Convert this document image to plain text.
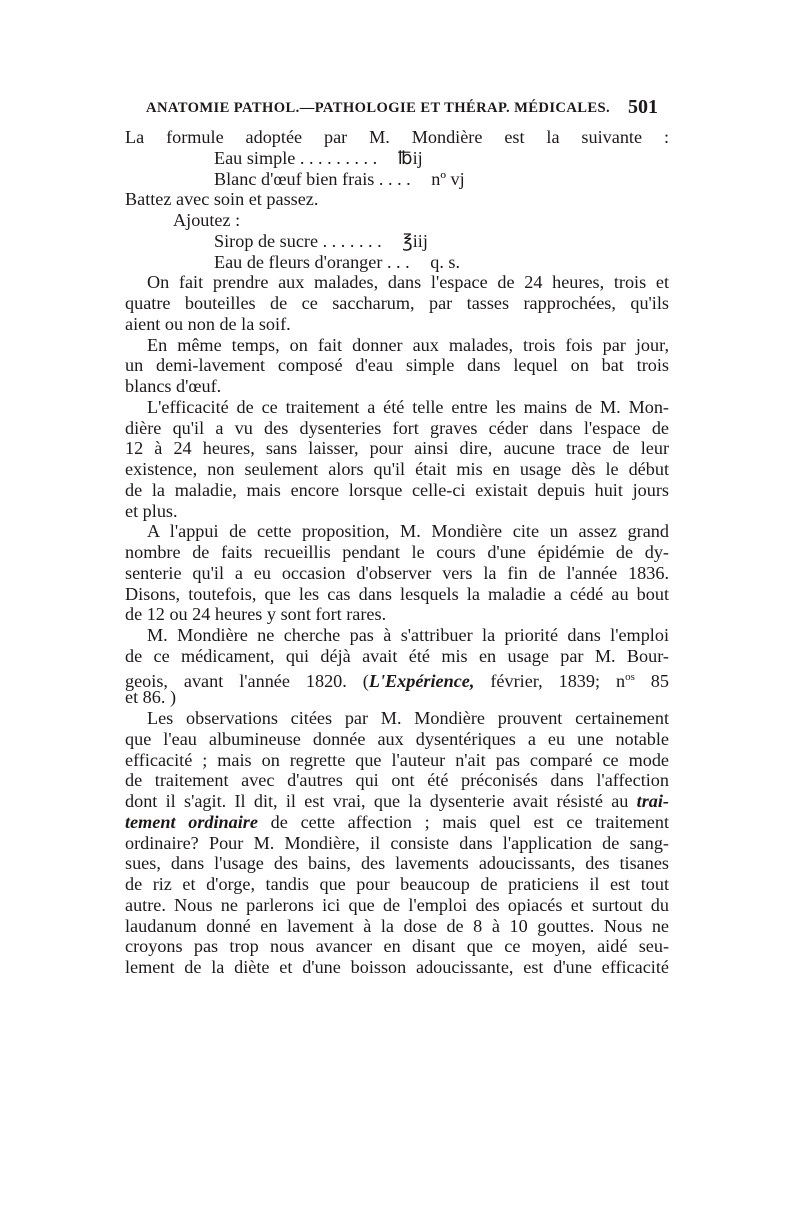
ANATOMIE PATHOL.—PATHOLOGIE ET THÉRAP. MÉDICALES. 501
La formule adoptée par M. Mondière est la suivante :
Eau simple . . . . . . . . . ℔ij
Blanc d'œuf bien frais . . . . nº vj
Battez avec soin et passez.
Ajoutez :
Sirop de sucre . . . . . . . ℥iij
Eau de fleurs d'oranger . . . q. s.
On fait prendre aux malades, dans l'espace de 24 heures, trois et
quatre bouteilles de ce saccharum, par tasses rapprochées, qu'ils
aient ou non de la soif.
En même temps, on fait donner aux malades, trois fois par jour,
un demi-lavement composé d'eau simple dans lequel on bat trois
blancs d'œuf.
L'efficacité de ce traitement a été telle entre les mains de M. Mon-
dière qu'il a vu des dysenteries fort graves céder dans l'espace de
12 à 24 heures, sans laisser, pour ainsi dire, aucune trace de leur
existence, non seulement alors qu'il était mis en usage dès le début
de la maladie, mais encore lorsque celle-ci existait depuis huit jours
et plus.
A l'appui de cette proposition, M. Mondière cite un assez grand
nombre de faits recueillis pendant le cours d'une épidémie de dy-
senterie qu'il a eu occasion d'observer vers la fin de l'année 1836.
Disons, toutefois, que les cas dans lesquels la maladie a cédé au bout
de 12 ou 24 heures y sont fort rares.
M. Mondière ne cherche pas à s'attribuer la priorité dans l'emploi
de ce médicament, qui déjà avait été mis en usage par M. Bour-
geois, avant l'année 1820. (L'Expérience, février, 1839; $n^{os}$ 85
et 86. )
Les observations citées par M. Mondière prouvent certainement
que l'eau albumineuse donnée aux dysentériques a eu une notable
efficacité ; mais on regrette que l'auteur n'ait pas comparé ce mode
de traitement avec d'autres qui ont été préconisés dans l'affection
dont il s'agit. Il dit, il est vrai, que la dysenterie avait résisté au trai-
tement ordinaire de cette affection ; mais quel est ce traitement
ordinaire? Pour M. Mondière, il consiste dans l'application de sang-
sues, dans l'usage des bains, des lavements adoucissants, des tisanes
de riz et d'orge, tandis que pour beaucoup de praticiens il est tout
autre. Nous ne parlerons ici que de l'emploi des opiacés et surtout du
laudanum donné en lavement à la dose de 8 à 10 gouttes. Nous ne
croyons pas trop nous avancer en disant que ce moyen, aidé seu-
lement de la diète et d'une boisson adoucissante, est d'une efficacité
